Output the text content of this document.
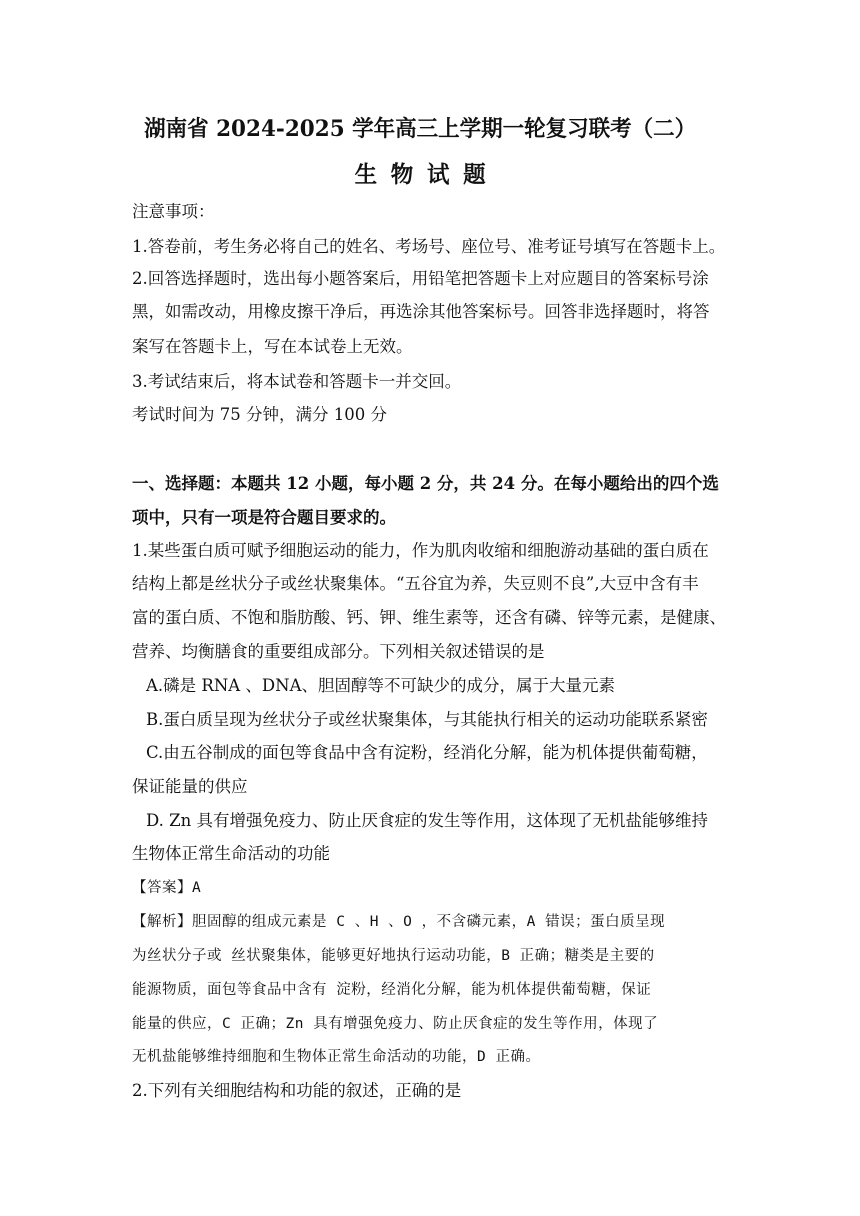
湖南省 2024-2025 学年高三上学期一轮复习联考（二）
生物试题
注意事项：
1.答卷前，考生务必将自己的姓名、考场号、座位号、准考证号填写在答题卡上。
2.回答选择题时，选出每小题答案后，用铅笔把答题卡上对应题目的答案标号涂
黑，如需改动，用橡皮擦干净后，再选涂其他答案标号。回答非选择题时，将答
案写在答题卡上，写在本试卷上无效。
3.考试结束后，将本试卷和答题卡一并交回。
考试时间为 75 分钟，满分 100 分
一、选择题：本题共 12 小题，每小题 2 分，共 24 分。在每小题给出的四个选
项中，只有一项是符合题目要求的。
1.某些蛋白质可赋予细胞运动的能力，作为肌肉收缩和细胞游动基础的蛋白质在
结构上都是丝状分子或丝状聚集体。“五谷宜为养，失豆则不良”,大豆中含有丰
富的蛋白质、不饱和脂肪酸、钙、钾、维生素等，还含有磷、锌等元素，是健康、
营养、均衡膳食的重要组成部分。下列相关叙述错误的是
A.磷是 RNA 、DNA、胆固醇等不可缺少的成分，属于大量元素
B.蛋白质呈现为丝状分子或丝状聚集体，与其能执行相关的运动功能联系紧密
C.由五谷制成的面包等食品中含有淀粉，经消化分解，能为机体提供葡萄糖，
保证能量的供应
D. Zn 具有增强免疫力、防止厌食症的发生等作用，这体现了无机盐能够维持
生物体正常生命活动的功能
【答案】A
【解析】胆固醇的组成元素是 C 、H 、O ，不含磷元素，A 错误；蛋白质呈现
为丝状分子或 丝状聚集体，能够更好地执行运动功能，B 正确；糖类是主要的
能源物质，面包等食品中含有 淀粉，经消化分解，能为机体提供葡萄糖，保证
能量的供应，C 正确；Zn 具有增强免疫力、防止厌食症的发生等作用，体现了
无机盐能够维持细胞和生物体正常生命活动的功能，D 正确。
2.下列有关细胞结构和功能的叙述，正确的是
